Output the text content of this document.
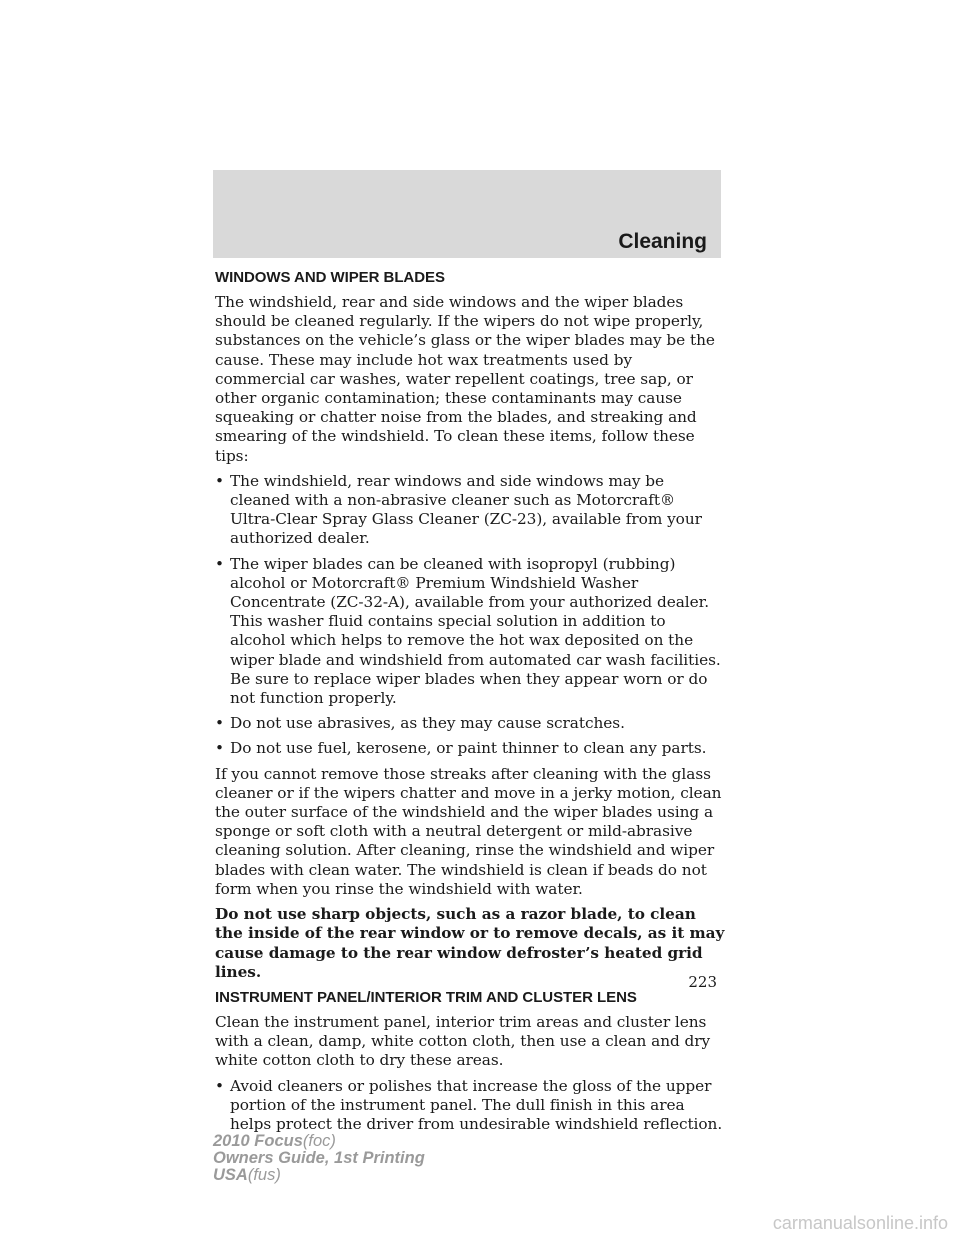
Cleaning
WINDOWS AND WIPER BLADES

The windshield, rear and side windows and the wiper blades should be cleaned regularly. If the wipers do not wipe properly, substances on the vehicle’s glass or the wiper blades may be the cause. These may include hot wax treatments used by commercial car washes, water repellent coatings, tree sap, or other organic contamination; these contaminants may cause squeaking or chatter noise from the blades, and streaking and smearing of the windshield. To clean these items, follow these tips:

• The windshield, rear windows and side windows may be cleaned with a non-abrasive cleaner such as Motorcraft® Ultra-Clear Spray Glass Cleaner (ZC-23), available from your authorized dealer.
• The wiper blades can be cleaned with isopropyl (rubbing) alcohol or Motorcraft® Premium Windshield Washer Concentrate (ZC-32-A), available from your authorized dealer. This washer fluid contains special solution in addition to alcohol which helps to remove the hot wax deposited on the wiper blade and windshield from automated car wash facilities. Be sure to replace wiper blades when they appear worn or do not function properly.
• Do not use abrasives, as they may cause scratches.
• Do not use fuel, kerosene, or paint thinner to clean any parts.

If you cannot remove those streaks after cleaning with the glass cleaner or if the wipers chatter and move in a jerky motion, clean the outer surface of the windshield and the wiper blades using a sponge or soft cloth with a neutral detergent or mild-abrasive cleaning solution. After cleaning, rinse the windshield and wiper blades with clean water. The windshield is clean if beads do not form when you rinse the windshield with water.

Do not use sharp objects, such as a razor blade, to clean the inside of the rear window or to remove decals, as it may cause damage to the rear window defroster’s heated grid lines.

INSTRUMENT PANEL/INTERIOR TRIM AND CLUSTER LENS

Clean the instrument panel, interior trim areas and cluster lens with a clean, damp, white cotton cloth, then use a clean and dry white cotton cloth to dry these areas.

• Avoid cleaners or polishes that increase the gloss of the upper portion of the instrument panel. The dull finish in this area helps protect the driver from undesirable windshield reflection.
223
2010 Focus(foc)
Owners Guide, 1st Printing
USA(fus)
carmanualsonline.info
